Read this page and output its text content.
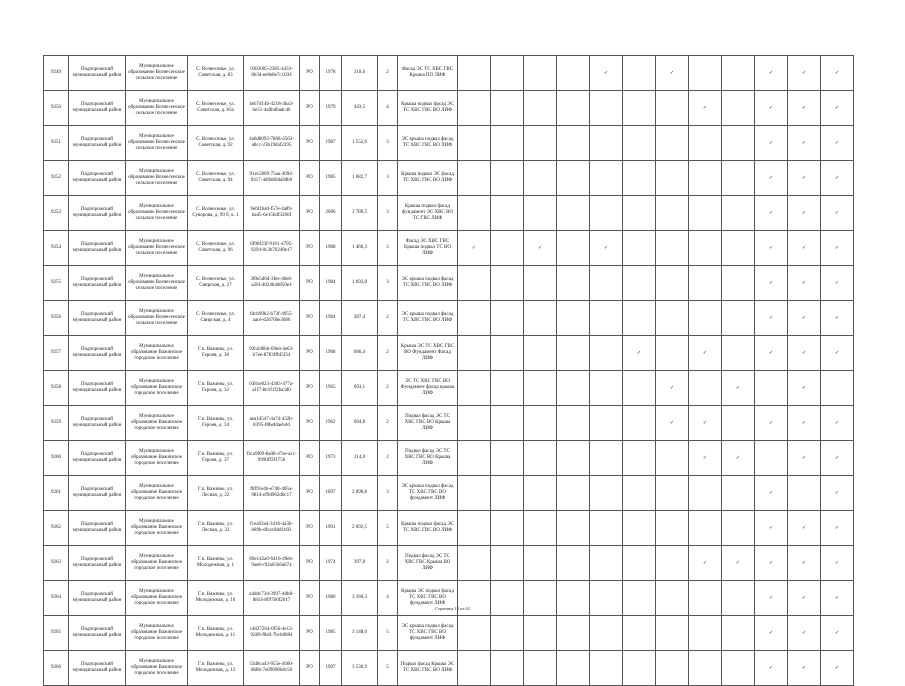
9249	Подпорожский муниципальный район	Муниципальное образование Вознесенское сельское поселение	С. Вознесенье, ул. Советская, д. 83	0383005-2385-4433-8b3d-ee0e8e7c1034	РО	1978	318,6	2	Фасад ЭС ТС ХВС ГВС Крыша ПО ЛИФ					✓		✓			✓	✓	✓
9250	Подпорожский муниципальный район	Муниципальное образование Вознесенское сельское поселение	С. Вознесенье, ул. Советская, д. 83а	4eb7d14b-4218-4ba3-be51-4a0bd6adc4b	РО	1979	443,5	4	Крыша подвал фасад ЭС ТС ХВС ГВС ВО ЛИФ								✓		✓	✓	✓
9251	Подпорожский муниципальный район	Муниципальное образование Вознесенское сельское поселение	С. Вознесенье, ул. Советская, д. 92	4a6d8093-7868-4563-a8cc-23b19daf2295	РО	1987	1 552,6	3	ЭС крыша подвал фасад ТС ХВС ГВС ВО ЛИФ										✓	✓	✓
9252	Подпорожский муниципальный район	Муниципальное образование Вознесенское сельское поселение	С. Вознесенье, ул. Советская, д. 94	91ec5809-75aa-4094-9417-4d9d60da9db0	РО	1985	1 682,7	3	Крыша подвал ЭС фасад ТС ХВС ГВС ВО ЛИФ										✓	✓	✓
9253	Подпорожский муниципальный район	Муниципальное образование Вознесенское сельское поселение	С. Вознесенье, ул. Суворова, д. 99 б, к. 1	9efd1ba0-f57e-4a89-bad5-6e15bdf3266f	РО	2006	3 789,5	3	Крыша подвал фасад фундамент ЭС ХВС ВО ТС ГВС ЛИФ										✓	✓	✓
9254	Подпорожский муниципальный район	Муниципальное образование Вознесенское сельское поселение	С. Вознесенье, ул. Советская, д. 96	6f96f23f-9181-4795-9294-0c3b70248e17	РО	1988	1 466,3	3	Фасад ЭС ХВС ГВС Крыша подвал ТС ВО ЛИФ	✓		✓		✓					✓	✓	✓
9255	Подпорожский муниципальный район	Муниципальное образование Вознесенское сельское поселение	С. Вознесенье, ул. Свирская, д. 27	3f0e5d6d-3fee-46e6-a2f4-4024b4d850e4	РО	1984	1 692,8	3	ЭС крыша подвал фасад ТС ХВС ГВС ВО ЛИФ										✓	✓	✓
9256	Подпорожский муниципальный район	Муниципальное образование Вознесенское сельское поселение	С. Вознесенье, ул. Свирская, д. 4	fdcb99b2-b73f-4955-aace-d2d70be3686	РО	1984	387,4	2	ЭС крыша подвал фасад ТС ХВС ГВС ВО ЛИФ										✓	✓	✓
9257	Подпорожский муниципальный район	Муниципальное образование Важинское городское поселение	Г.п. Важины, ул. Героев, д. 30	92b2d6bb-69ed-4e63-b7ee-8783fffd5f34	РО	1968	686,4	2	Крыша ЭС ТС ХВС ГВС ВО Фундамент Фасад ЛИФ						✓		✓		✓	✓	✓
9258	Подпорожский муниципальный район	Муниципальное образование Важинское городское поселение	Г.п. Важины, ул. Героев, д. 32	0381e823-4383-477a-a1f7-bb1f1f2ba3d0	РО	1965	693,1	2	ЭС ТС ХВС ГВС ВО Фундамент фасад крыша ЛИФ							✓		✓		✓	
9259	Подпорожский муниципальный район	Муниципальное образование Важинское городское поселение	Г.п. Важины, ул. Героев, д. 34	aea1d547-4a74-432b-8395-f8befdaeb4d	РО	1962	694,8	2	Подвал фасад ЭС ТС ХВС ГВС ВО Крыша ЛИФ							✓	✓		✓	✓	✓
9260	Подпорожский муниципальный район	Муниципальное образование Важинское городское поселение	Г.п. Важины, ул. Героев, д. 37	f3ca9f09-8a08-47ee-acc-9990ff3f1756	РО	1973	314,0	2	Подвал фасад ЭС ТС ХВС ГВС ВО Крыша ЛИФ								✓	✓		✓	✓
9261	Подпорожский муниципальный район	Муниципальное образование Важинское городское поселение	Г.п. Важины, ул. Лесная, д. 22	f8f91e4b-e748-405a-9814-ef9d962d6c17	РО	1897	2 898,8	3	ЭС крыша подвал фасад ТС ХВС ГВС ВО фундамент ЛИФ										✓		✓
9262	Подпорожский муниципальный район	Муниципальное образование Важинское городское поселение	Г.п. Важины, ул. Лесная, д. 32	f1ea93a4-3416-4a3b-b89b-dfcec8dd1b92	РО	1991	2 692,5	5	Крыша подвал фасад ЭС ТС ХВС ГВС ВО ЛИФ										✓	✓	✓
9263	Подпорожский муниципальный район	Муниципальное образование Важинское городское поселение	Г.п. Важины, ул. Молодежная, д. 1	69e142a0-6416-49eb-9ae8-c92a65b6a674	РО	1974	397,8	2	Подвал фасад ЭС ТС ХВС ГВС Крыша ВО ЛИФ								✓	✓	✓	✓	✓
9264	Подпорожский муниципальный район	Муниципальное образование Важинское городское поселение	Г.п. Важины, ул. Молодежная, д. 10	a4ddc73d-3997-4db8-8814-8f97b0f2017	РО	1980	3 160,3	4	Крыша ЭС подвал фасад ТС ХВС ГВС ВО фундамент ЛИФ										✓	✓	✓
9265	Подпорожский муниципальный район	Муниципальное образование Важинское городское поселение	Г.п. Важины, ул. Молодежная, д. 11	c4827264-0f56-4e13-9289-f8a9-7bcb8684	РО	1985	3 148,0	5	ЭС крыша подвал фасад ТС ХВС ГВС ВО фундамент ЛИФ										✓	✓	✓
9266	Подпорожский муниципальный район	Муниципальное образование Важинское городское поселение	Г.п. Важины, ул. Молодежная, д. 12	53d6ca43-955e-4660-8b8b-7e09098b8c58	РО	1997	3 530,9	5	Подвал фасад Крыша ЭС ТС ХВС ГВС ВО ЛИФ										✓	✓	✓
Страница 10 из 62
